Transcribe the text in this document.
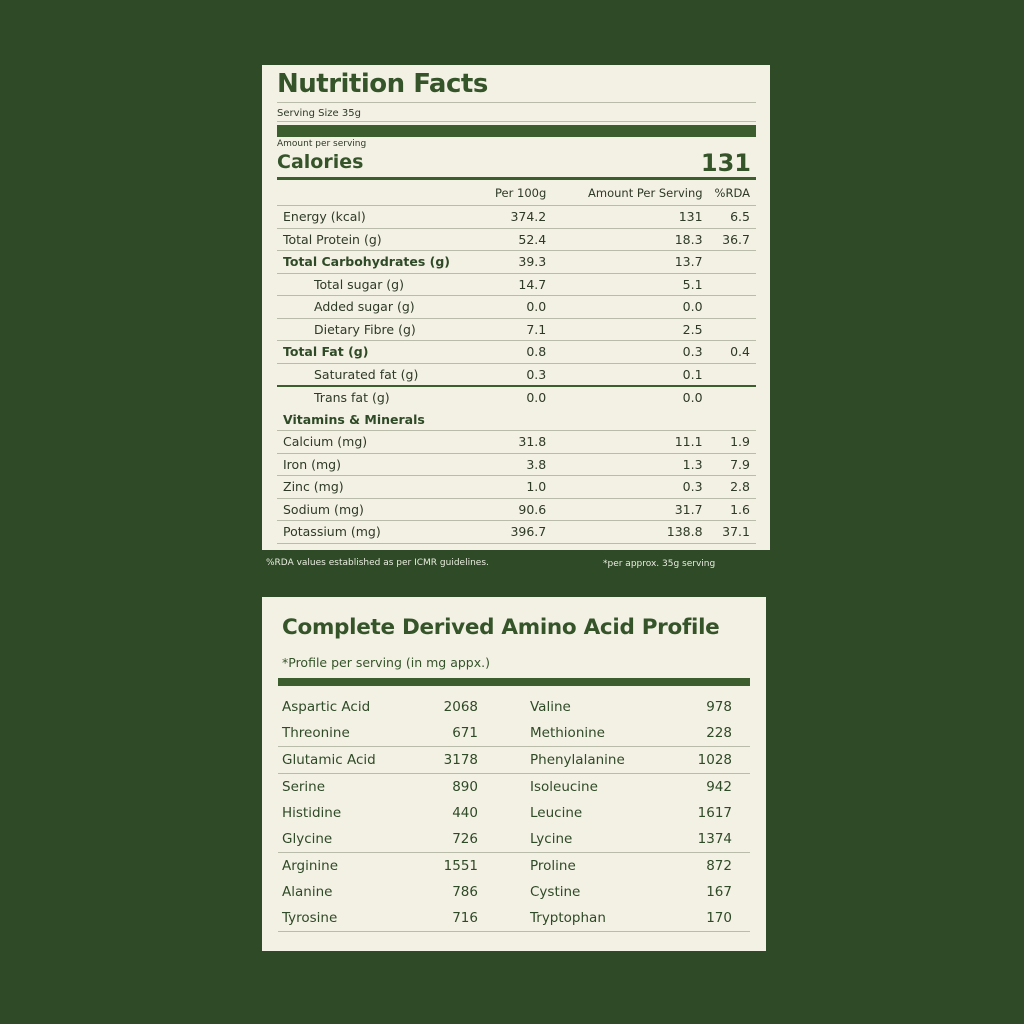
Nutrition Facts
Serving Size 35g
Amount per serving
Calories	131
	Per 100g	Amount Per Serving	%RDA
Energy (kcal)	374.2	131	6.5
Total Protein (g)	52.4	18.3	36.7
Total Carbohydrates (g)	39.3	13.7	
Total sugar (g)	14.7	5.1	
Added sugar (g)	0.0	0.0	
Dietary Fibre (g)	7.1	2.5	
Total Fat (g)	0.8	0.3	0.4
Saturated fat (g)	0.3	0.1	
Trans fat (g)	0.0	0.0	
Vitamins & Minerals			
Calcium (mg)	31.8	11.1	1.9
Iron (mg)	3.8	1.3	7.9
Zinc (mg)	1.0	0.3	2.8
Sodium (mg)	90.6	31.7	1.6
Potassium (mg)	396.7	138.8	37.1
%RDA values established as per ICMR guidelines.	*per approx. 35g serving
Complete Derived Amino Acid Profile
*Profile per serving (in mg appx.)
Aspartic Acid	2068		Valine	978
Threonine	671		Methionine	228
Glutamic Acid	3178		Phenylalanine	1028
Serine	890		Isoleucine	942
Histidine	440		Leucine	1617
Glycine	726		Lycine	1374
Arginine	1551		Proline	872
Alanine	786		Cystine	167
Tyrosine	716		Tryptophan	170
